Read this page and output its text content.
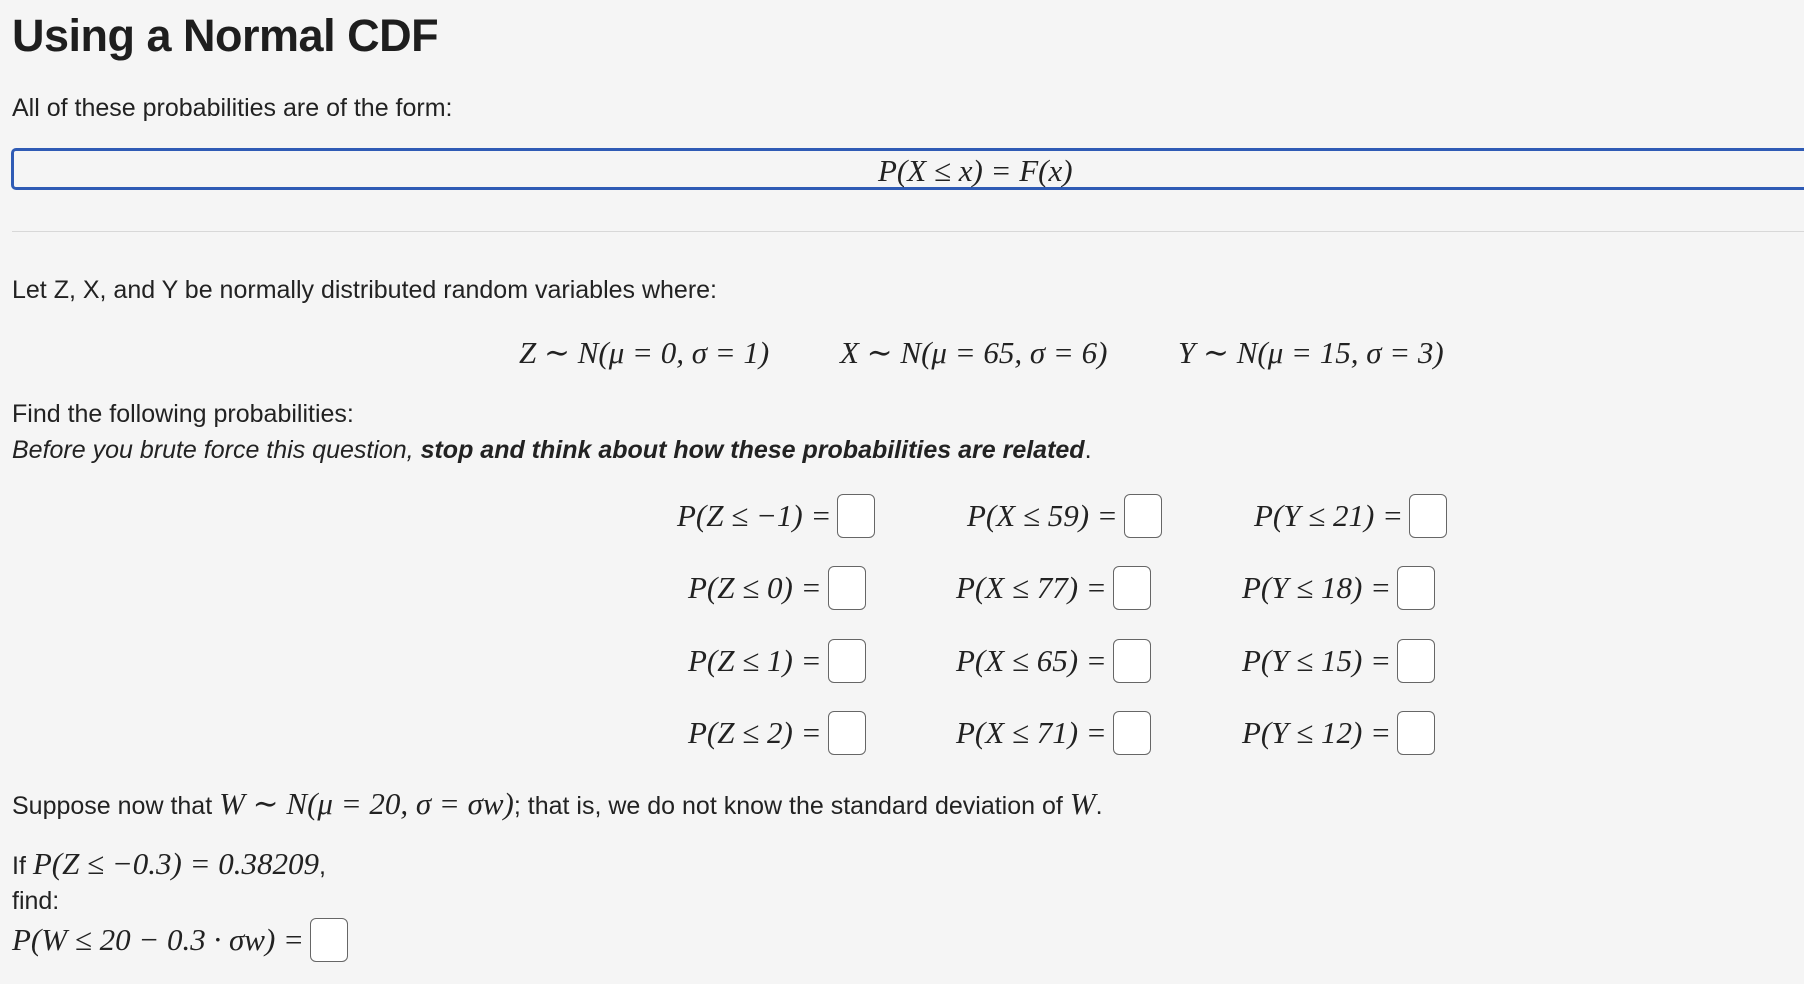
Using a Normal CDF
All of these probabilities are of the form:
P(X ≤ x) = F(x)
Let Z, X, and Y be normally distributed random variables where:
Z ∼ N(μ = 0, σ = 1) X ∼ N(μ = 65, σ = 6) Y ∼ N(μ = 15, σ = 3)
Find the following probabilities:
Before you brute force this question, stop and think about how these probabilities are related.
P(Z ≤ −1) =
P(Z ≤ 0) =
P(Z ≤ 1) =
P(Z ≤ 2) =
P(X ≤ 59) =
P(X ≤ 77) =
P(X ≤ 65) =
P(X ≤ 71) =
P(Y ≤ 21) =
P(Y ≤ 18) =
P(Y ≤ 15) =
P(Y ≤ 12) =
Suppose now that W ∼ N(μ = 20, σ = σw); that is, we do not know the standard deviation of W.
If P(Z ≤ −0.3) = 0.38209,
find:
P(W ≤ 20 − 0.3 · σw) =
